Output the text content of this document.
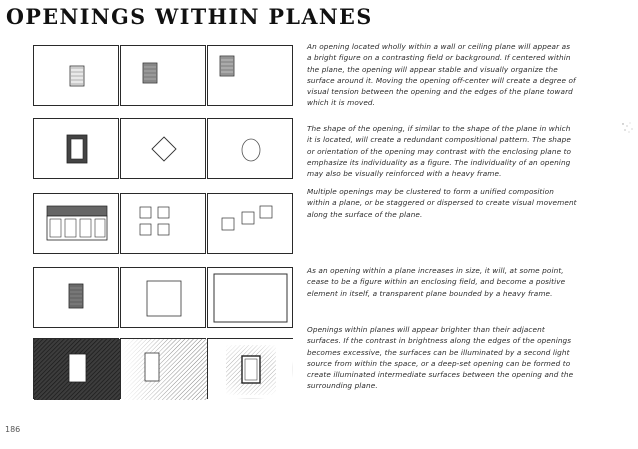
OPENINGS WITHIN PLANES

An opening located wholly within a wall or ceiling plane will appear as a bright figure on a contrasting field or background. If centered within the plane, the opening will appear stable and visually organize the surface around it. Moving the opening off-center will create a degree of visual tension between the opening and the edges of the plane toward which it is moved.

The shape of the opening, if similar to the shape of the plane in which it is located, will create a redundant compositional pattern. The shape or orientation of the opening may contrast with the enclosing plane to emphasize its individuality as a figure. The individuality of an opening may also be visually reinforced with a heavy frame.

Multiple openings may be clustered to form a unified composition within a plane, or be staggered or dispersed to create visual movement along the surface of the plane.

As an opening within a plane increases in size, it will, at some point, cease to be a figure within an enclosing field, and become a positive element in itself, a transparent plane bounded by a heavy frame.

Openings within planes will appear brighter than their adjacent surfaces. If the contrast in brightness along the edges of the openings becomes excessive, the surfaces can be illuminated by a second light source from within the space, or a deep-set opening can be formed to create illuminated intermediate surfaces between the opening and the surrounding plane.

186
